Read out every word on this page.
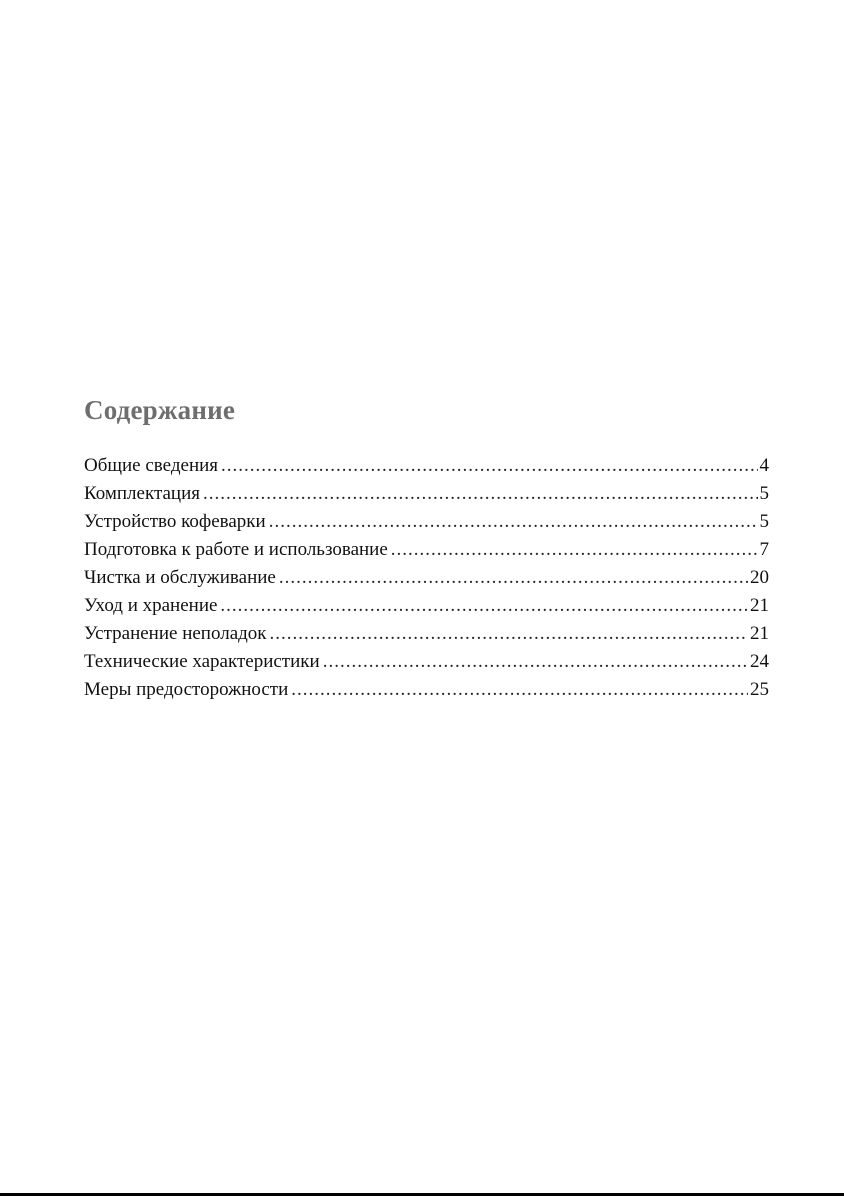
Содержание
Общие сведения .....	4
Комплектация .....	5
Устройство кофеварки .....	5
Подготовка к работе и использование .....	7
Чистка и обслуживание .....	20
Уход и хранение .....	21
Устранение неполадок .....	21
Технические характеристики .....	24
Меры предосторожности .....	25
